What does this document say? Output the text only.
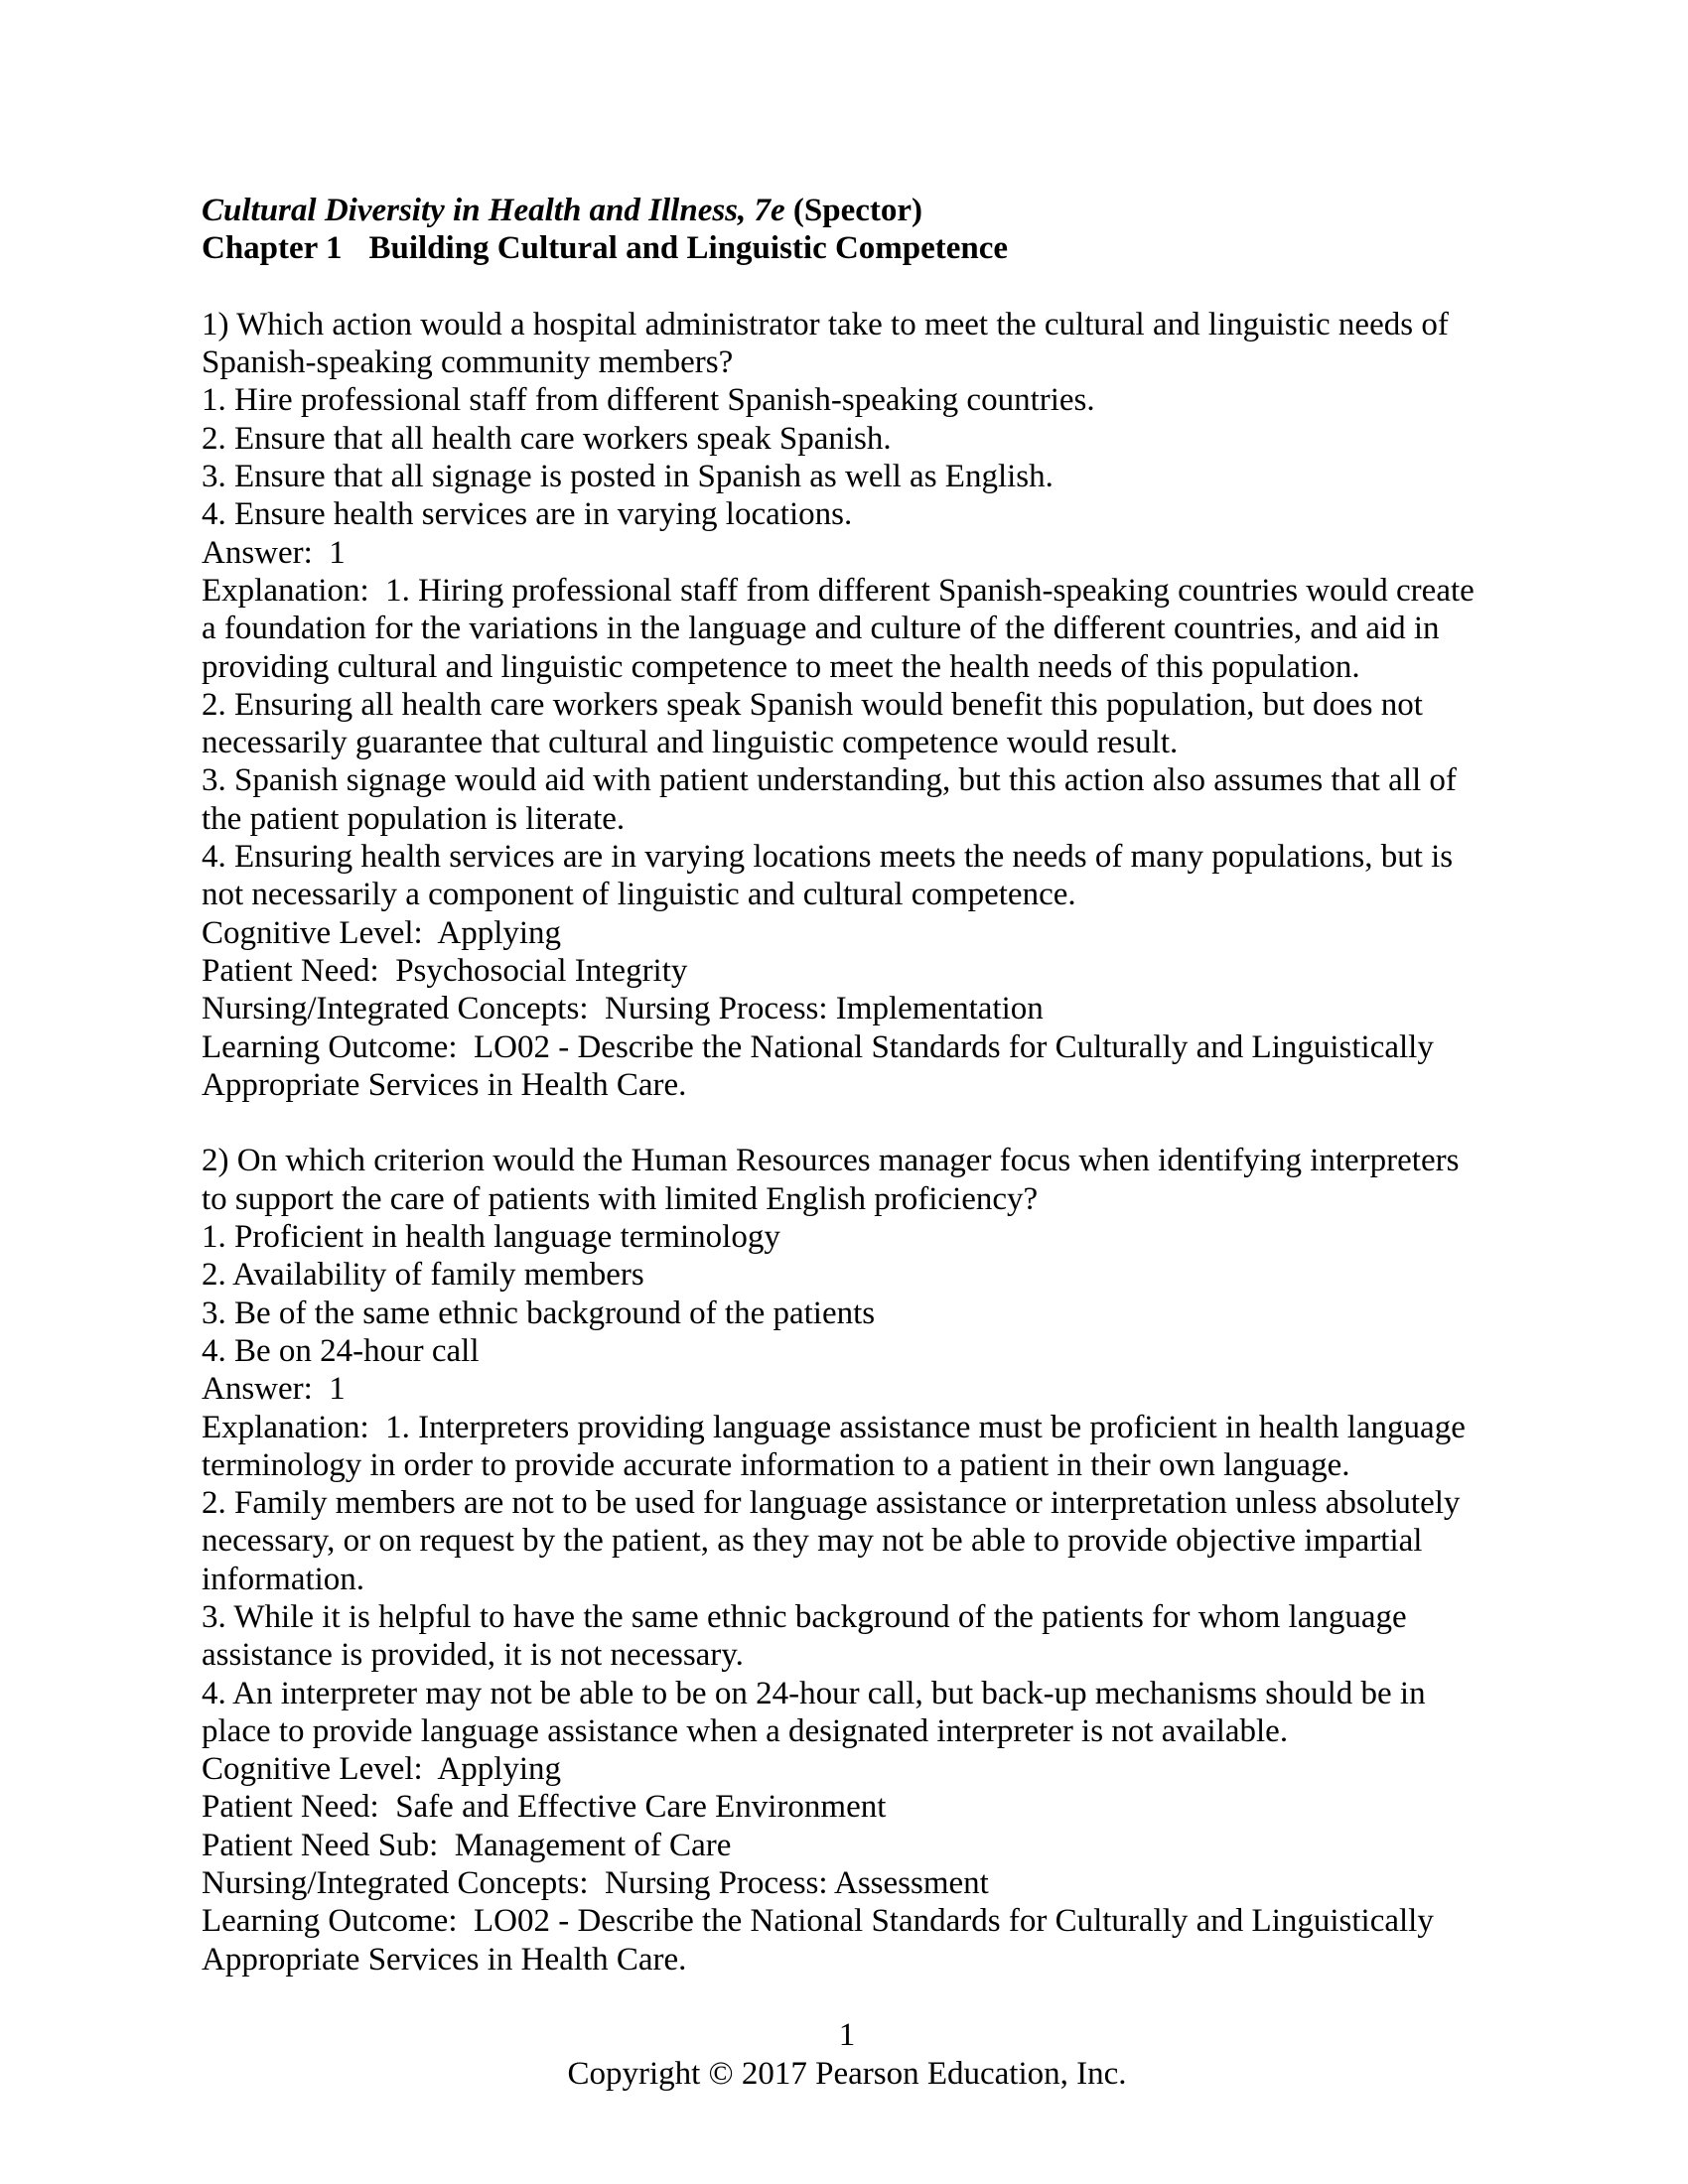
Cultural Diversity in Health and Illness, 7e (Spector)
Chapter 1 Building Cultural and Linguistic Competence
1) Which action would a hospital administrator take to meet the cultural and linguistic needs of
Spanish-speaking community members?
1. Hire professional staff from different Spanish-speaking countries.
2. Ensure that all health care workers speak Spanish.
3. Ensure that all signage is posted in Spanish as well as English.
4. Ensure health services are in varying locations.
Answer:  1
Explanation:  1. Hiring professional staff from different Spanish-speaking countries would create
a foundation for the variations in the language and culture of the different countries, and aid in
providing cultural and linguistic competence to meet the health needs of this population.
2. Ensuring all health care workers speak Spanish would benefit this population, but does not
necessarily guarantee that cultural and linguistic competence would result.
3. Spanish signage would aid with patient understanding, but this action also assumes that all of
the patient population is literate.
4. Ensuring health services are in varying locations meets the needs of many populations, but is
not necessarily a component of linguistic and cultural competence.
Cognitive Level:  Applying
Patient Need:  Psychosocial Integrity
Nursing/Integrated Concepts:  Nursing Process: Implementation
Learning Outcome:  LO02 - Describe the National Standards for Culturally and Linguistically
Appropriate Services in Health Care.
2) On which criterion would the Human Resources manager focus when identifying interpreters
to support the care of patients with limited English proficiency?
1. Proficient in health language terminology
2. Availability of family members
3. Be of the same ethnic background of the patients
4. Be on 24-hour call
Answer:  1
Explanation:  1. Interpreters providing language assistance must be proficient in health language
terminology in order to provide accurate information to a patient in their own language.
2. Family members are not to be used for language assistance or interpretation unless absolutely
necessary, or on request by the patient, as they may not be able to provide objective impartial
information.
3. While it is helpful to have the same ethnic background of the patients for whom language
assistance is provided, it is not necessary.
4. An interpreter may not be able to be on 24-hour call, but back-up mechanisms should be in
place to provide language assistance when a designated interpreter is not available.
Cognitive Level:  Applying
Patient Need:  Safe and Effective Care Environment
Patient Need Sub:  Management of Care
Nursing/Integrated Concepts:  Nursing Process: Assessment
Learning Outcome:  LO02 - Describe the National Standards for Culturally and Linguistically
Appropriate Services in Health Care.
1
Copyright © 2017 Pearson Education, Inc.
